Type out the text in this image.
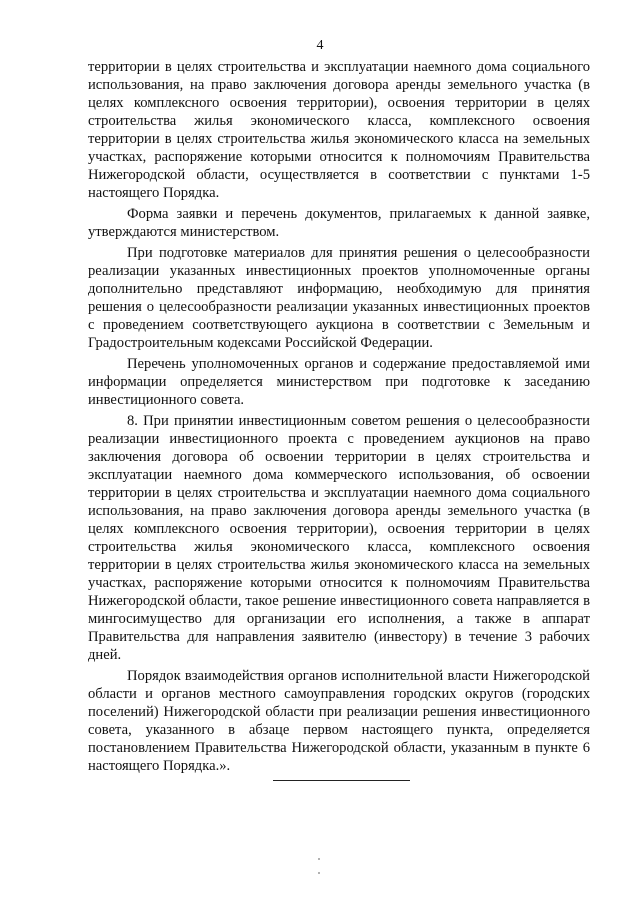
4

территории в целях строительства и эксплуатации наемного дома социального использования, на право заключения договора аренды земельного участка (в целях комплексного освоения территории), освоения территории в целях строительства жилья экономического класса, комплексного освоения территории в целях строительства жилья экономического класса на земельных участках, распоряжение которыми относится к полномочиям Правительства Нижегородской области, осуществляется в соответствии с пунктами 1-5 настоящего Порядка.

Форма заявки и перечень документов, прилагаемых к данной заявке, утверждаются министерством.

При подготовке материалов для принятия решения о целесообразности реализации указанных инвестиционных проектов уполномоченные органы дополнительно представляют информацию, необходимую для принятия решения о целесообразности реализации указанных инвестиционных проектов с проведением соответствующего аукциона в соответствии с Земельным и Градостроительным кодексами Российской Федерации.

Перечень уполномоченных органов и содержание предоставляемой ими информации определяется министерством при подготовке к заседанию инвестиционного совета.

8. При принятии инвестиционным советом решения о целесообразности реализации инвестиционного проекта с проведением аукционов на право заключения договора об освоении территории в целях строительства и эксплуатации наемного дома коммерческого использования, об освоении территории в целях строительства и эксплуатации наемного дома социального использования, на право заключения договора аренды земельного участка (в целях комплексного освоения территории), освоения территории в целях строительства жилья экономического класса, комплексного освоения территории в целях строительства жилья экономического класса на земельных участках, распоряжение которыми относится к полномочиям Правительства Нижегородской области, такое решение инвестиционного совета направляется в мингосимущество для организации его исполнения, а также в аппарат Правительства для направления заявителю (инвестору) в течение 3 рабочих дней.

Порядок взаимодействия органов исполнительной власти Нижегородской области и органов местного самоуправления городских округов (городских поселений) Нижегородской области при реализации решения инвестиционного совета, указанного в абзаце первом настоящего пункта, определяется постановлением Правительства Нижегородской области, указанным в пункте 6 настоящего Порядка.».
